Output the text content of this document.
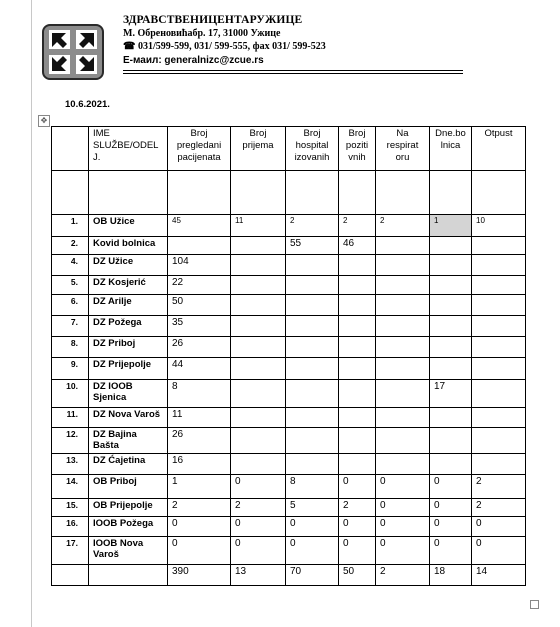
ЗДРАВСТВЕНИЦЕНТАРУЖИЦЕ
М. Обреновићабр. 17, 31000 Ужице
☎ 031/599-599, 031/ 599-555, фах 031/ 599-523
Е-маил: generalnizc@zcue.rs
10.6.2021.
✥
	IME SLUŽBE/ODEL J.	Broj pregledani pacijenata	Broj prijema	Broj hospital izovanih	Broj poziti vnih	Na respirat oru	Dne.bo lnica	Otpust

1.	OB Užice	45	11	2	2	2	1	10
2.	Kovid bolnica			55	46			
4.	DZ Užice	104						
5.	DZ Kosjerić	22						
6.	DZ Arilje	50						
7.	DZ Požega	35						
8.	DZ Priboj	26						
9.	DZ Prijepolje	44						
10.	DZ IOOB Sjenica	8					17	
11.	DZ Nova Varoš	11						
12.	DZ Bajina Bašta	26						
13.	DZ Ćajetina	16						
14.	OB Priboj	1	0	8	0	0	0	2
15.	OB Prijepolje	2	2	5	2	0	0	2
16.	IOOB Požega	0	0	0	0	0	0	0
17.	IOOB Nova Varoš	0	0	0	0	0	0	0
		390	13	70	50	2	18	14
